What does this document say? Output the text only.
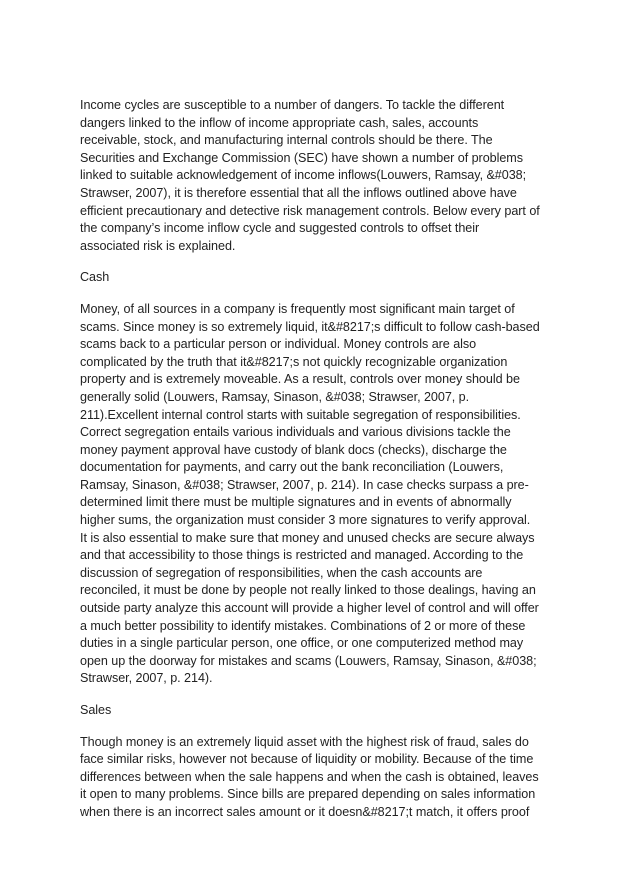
Income cycles are susceptible to a number of dangers. To tackle the different
dangers linked to the inflow of income appropriate cash, sales, accounts
receivable, stock, and manufacturing internal controls should be there. The
Securities and Exchange Commission (SEC) have shown a number of problems
linked to suitable acknowledgement of income inflows(Louwers, Ramsay, &#038;
Strawser, 2007), it is therefore essential that all the inflows outlined above have
efficient precautionary and detective risk management controls. Below every part of
the company’s income inflow cycle and suggested controls to offset their
associated risk is explained.

Cash

Money, of all sources in a company is frequently most significant main target of
scams. Since money is so extremely liquid, it&#8217;s difficult to follow cash-based
scams back to a particular person or individual. Money controls are also
complicated by the truth that it&#8217;s not quickly recognizable organization
property and is extremely moveable. As a result, controls over money should be
generally solid (Louwers, Ramsay, Sinason, &#038; Strawser, 2007, p.
211).Excellent internal control starts with suitable segregation of responsibilities.
Correct segregation entails various individuals and various divisions tackle the
money payment approval have custody of blank docs (checks), discharge the
documentation for payments, and carry out the bank reconciliation (Louwers,
Ramsay, Sinason, &#038; Strawser, 2007, p. 214). In case checks surpass a pre-
determined limit there must be multiple signatures and in events of abnormally
higher sums, the organization must consider 3 more signatures to verify approval.
It is also essential to make sure that money and unused checks are secure always
and that accessibility to those things is restricted and managed. According to the
discussion of segregation of responsibilities, when the cash accounts are
reconciled, it must be done by people not really linked to those dealings, having an
outside party analyze this account will provide a higher level of control and will offer
a much better possibility to identify mistakes. Combinations of 2 or more of these
duties in a single particular person, one office, or one computerized method may
open up the doorway for mistakes and scams (Louwers, Ramsay, Sinason, &#038;
Strawser, 2007, p. 214).

Sales

Though money is an extremely liquid asset with the highest risk of fraud, sales do
face similar risks, however not because of liquidity or mobility. Because of the time
differences between when the sale happens and when the cash is obtained, leaves
it open to many problems. Since bills are prepared depending on sales information
when there is an incorrect sales amount or it doesn&#8217;t match, it offers proof
